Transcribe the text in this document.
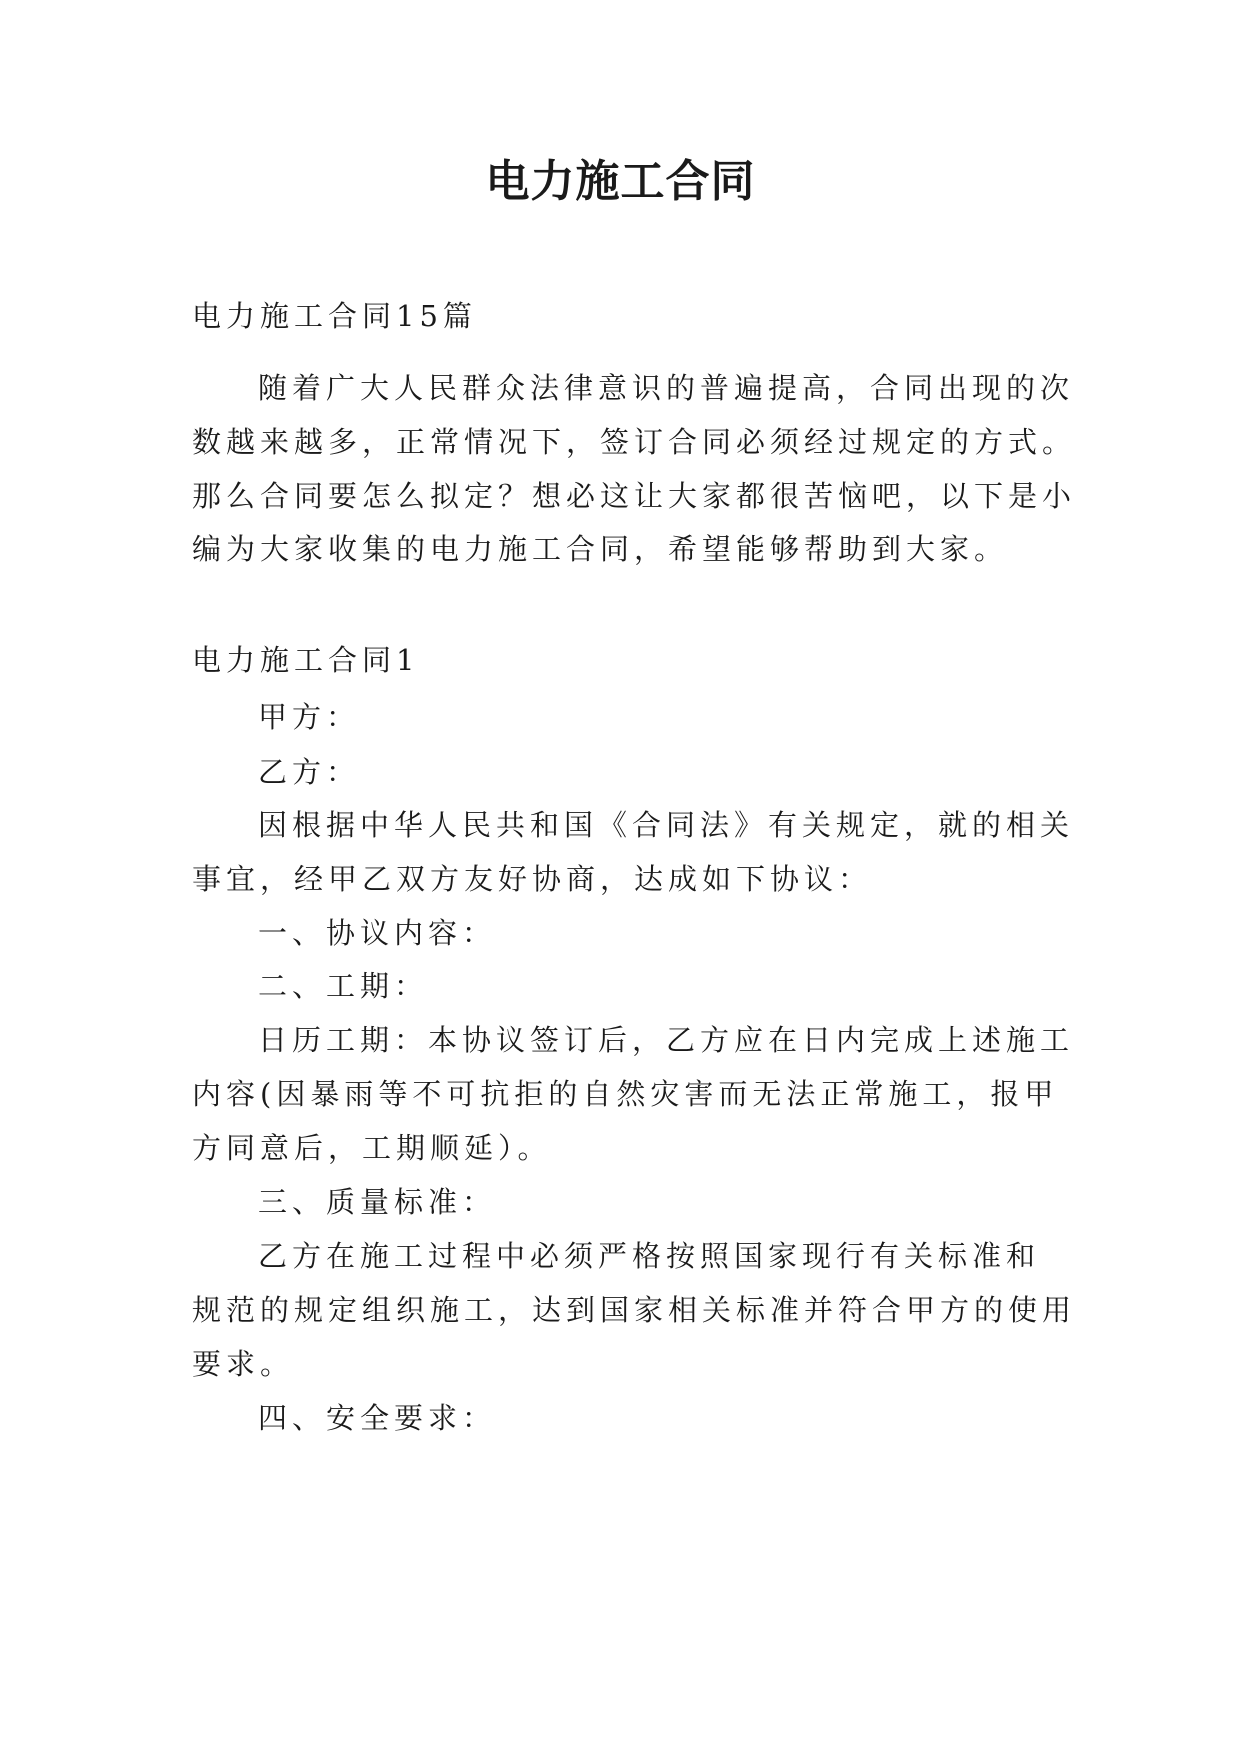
电力施工合同
电力施工合同15篇
随着广大人民群众法律意识的普遍提高，合同出现的次
数越来越多，正常情况下，签订合同必须经过规定的方式。
那么合同要怎么拟定？想必这让大家都很苦恼吧，以下是小
编为大家收集的电力施工合同，希望能够帮助到大家。
电力施工合同1
甲方：
乙方：
因根据中华人民共和国《合同法》有关规定，就的相关
事宜，经甲乙双方友好协商，达成如下协议：
一、协议内容：
二、工期：
日历工期：本协议签订后，乙方应在日内完成上述施工
内容(因暴雨等不可抗拒的自然灾害而无法正常施工，报甲
方同意后，工期顺延）。
三、质量标准：
乙方在施工过程中必须严格按照国家现行有关标准和
规范的规定组织施工，达到国家相关标准并符合甲方的使用
要求。
四、安全要求：
